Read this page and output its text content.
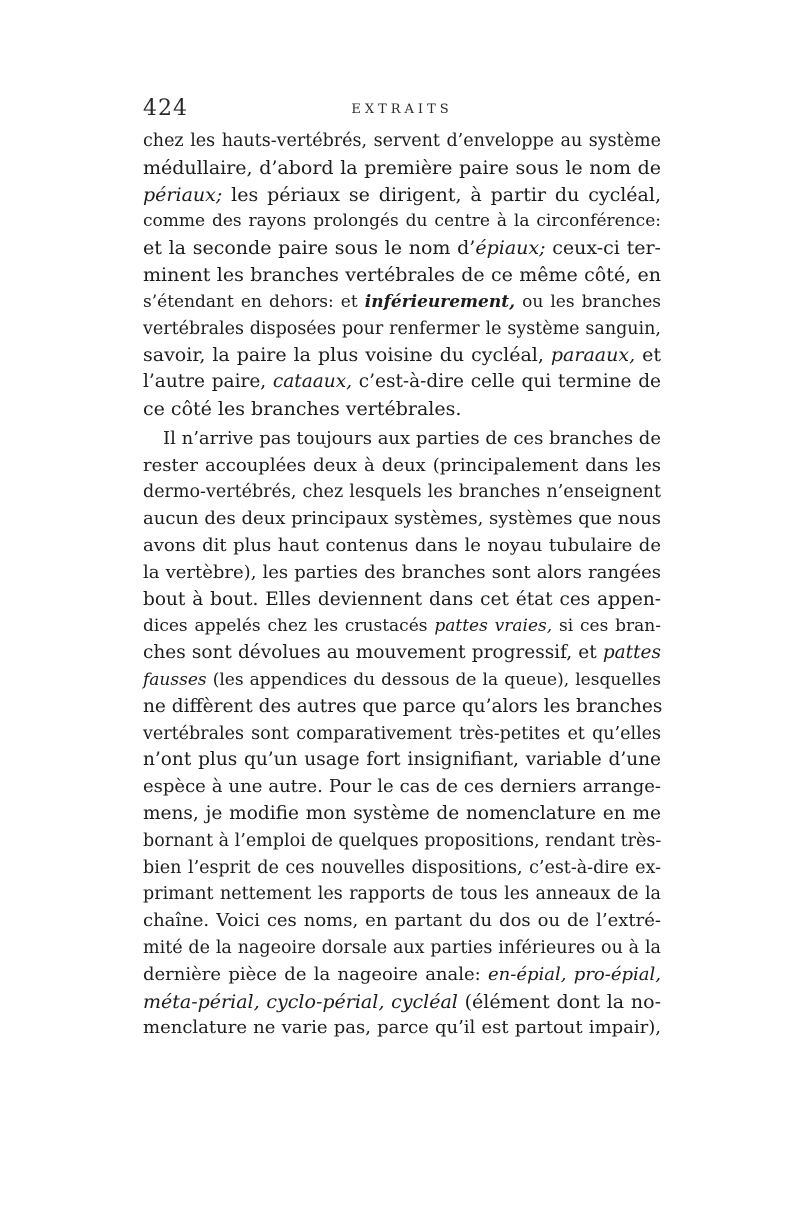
424	EXTRAITS
chez les hauts-vertébrés, servent d’enveloppe au système
médullaire, d’abord la première paire sous le nom de
périaux; les périaux se dirigent, à partir du cycléal,
comme des rayons prolongés du centre à la circonférence:
et la seconde paire sous le nom d’épiaux; ceux-ci ter-
minent les branches vertébrales de ce même côté, en
s’étendant en dehors: et inférieurement, ou les branches
vertébrales disposées pour renfermer le système sanguin,
savoir, la paire la plus voisine du cycléal, paraaux, et
l’autre paire, cataaux, c’est-à-dire celle qui termine de
ce côté les branches vertébrales.
Il n’arrive pas toujours aux parties de ces branches de
rester accouplées deux à deux (principalement dans les
dermo-vertébrés, chez lesquels les branches n’enseignent
aucun des deux principaux systèmes, systèmes que nous
avons dit plus haut contenus dans le noyau tubulaire de
la vertèbre), les parties des branches sont alors rangées
bout à bout. Elles deviennent dans cet état ces appen-
dices appelés chez les crustacés pattes vraies, si ces bran-
ches sont dévolues au mouvement progressif, et pattes
fausses (les appendices du dessous de la queue), lesquelles
ne diffèrent des autres que parce qu’alors les branches
vertébrales sont comparativement très-petites et qu’elles
n’ont plus qu’un usage fort insignifiant, variable d’une
espèce à une autre. Pour le cas de ces derniers arrange-
mens, je modifie mon système de nomenclature en me
bornant à l’emploi de quelques propositions, rendant très-
bien l’esprit de ces nouvelles dispositions, c’est-à-dire ex-
primant nettement les rapports de tous les anneaux de la
chaîne. Voici ces noms, en partant du dos ou de l’extré-
mité de la nageoire dorsale aux parties inférieures ou à la
dernière pièce de la nageoire anale: en-épial, pro-épial,
méta-périal, cyclo-périal, cycléal (élément dont la no-
menclature ne varie pas, parce qu’il est partout impair),
